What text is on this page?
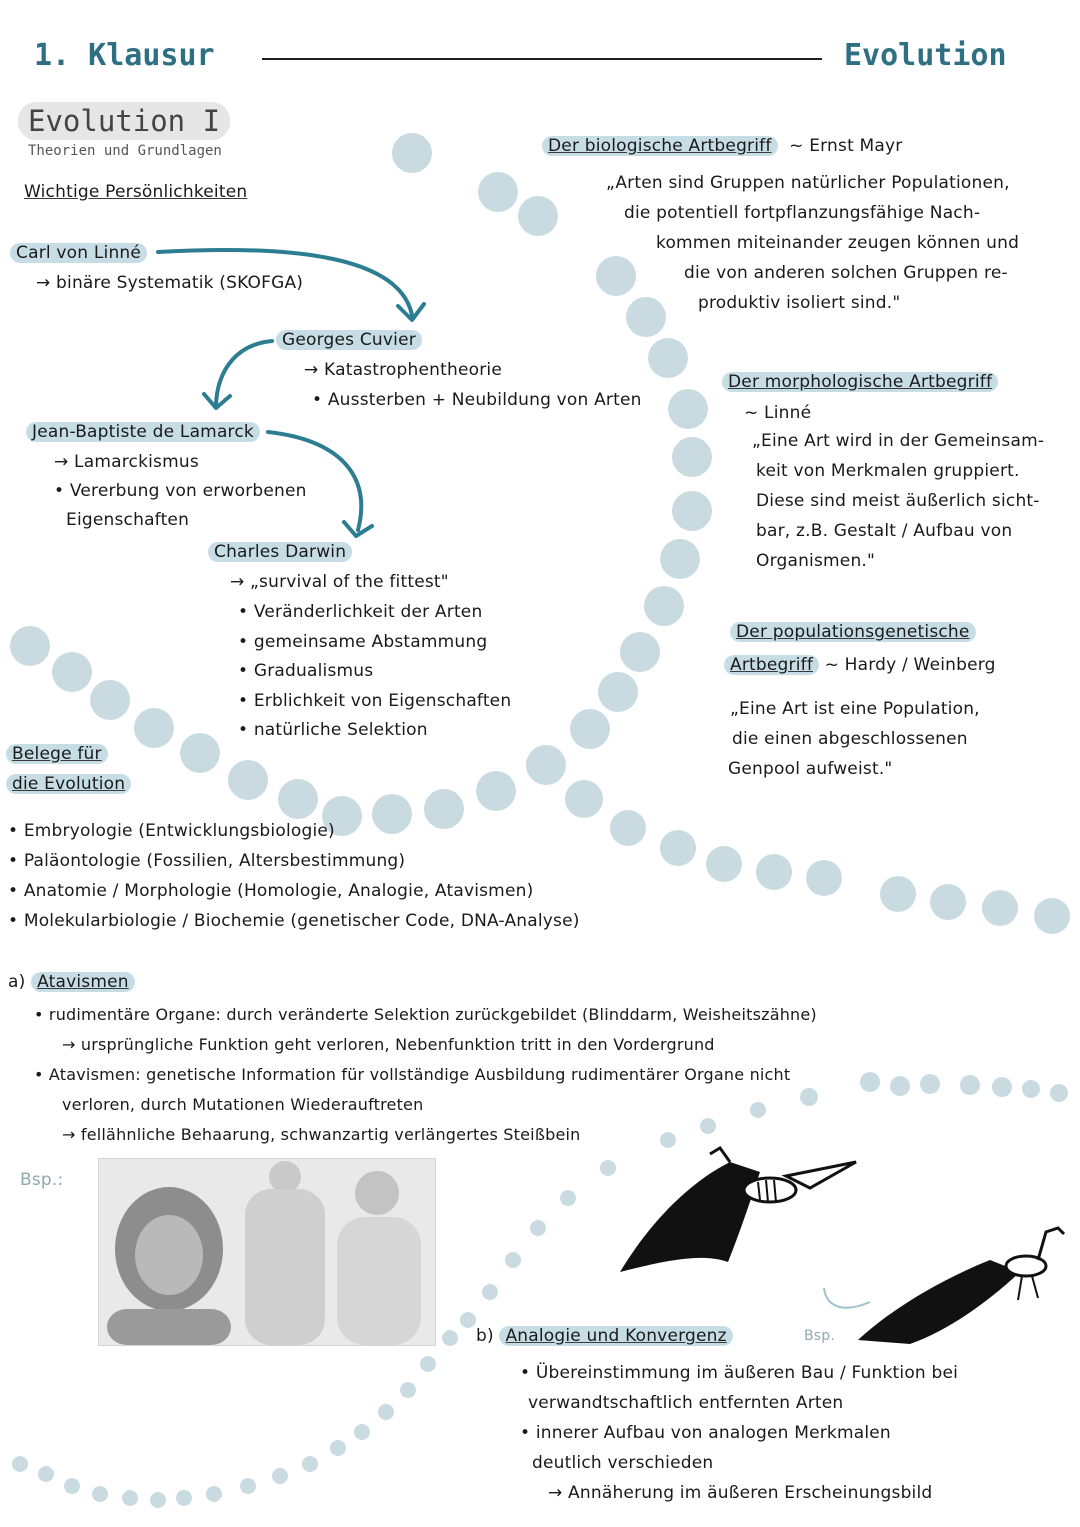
1. Klausur	Evolution
Evolution I
Theorien und Grundlagen
Wichtige Persönlichkeiten
Carl von Linné
→ binäre Systematik (SKOFGA)
Georges Cuvier
→ Katastrophentheorie
• Aussterben + Neubildung von Arten
Jean-Baptiste de Lamarck
→ Lamarckismus
• Vererbung von erworbenen
Eigenschaften
Charles Darwin
→ „survival of the fittest"
• Veränderlichkeit der Arten
• gemeinsame Abstammung
• Gradualismus
• Erblichkeit von Eigenschaften
• natürliche Selektion
Der biologische Artbegriff ~ Ernst Mayr
„Arten sind Gruppen natürlicher Populationen,
die potentiell fortpflanzungsfähige Nach-
kommen miteinander zeugen können und
die von anderen solchen Gruppen re-
produktiv isoliert sind."
Der morphologische Artbegriff
~ Linné
„Eine Art wird in der Gemeinsam-
keit von Merkmalen gruppiert.
Diese sind meist äußerlich sicht-
bar, z.B. Gestalt / Aufbau von
Organismen."
Der populationsgenetische
Artbegriff ~ Hardy / Weinberg
„Eine Art ist eine Population,
die einen abgeschlossenen
Genpool aufweist."
Belege für
die Evolution
• Embryologie (Entwicklungsbiologie)
• Paläontologie (Fossilien, Altersbestimmung)
• Anatomie / Morphologie (Homologie, Analogie, Atavismen)
• Molekularbiologie / Biochemie (genetischer Code, DNA-Analyse)
a) Atavismen
• rudimentäre Organe: durch veränderte Selektion zurückgebildet (Blinddarm, Weisheitszähne)
→ ursprüngliche Funktion geht verloren, Nebenfunktion tritt in den Vordergrund
• Atavismen: genetische Information für vollständige Ausbildung rudimentärer Organe nicht
verloren, durch Mutationen Wiederauftreten
→ fellähnliche Behaarung, schwanzartig verlängertes Steißbein
Bsp.:
b) Analogie und Konvergenz	Bsp.
• Übereinstimmung im äußeren Bau / Funktion bei
verwandtschaftlich entfernten Arten
• innerer Aufbau von analogen Merkmalen
deutlich verschieden
→ Annäherung im äußeren Erscheinungsbild
